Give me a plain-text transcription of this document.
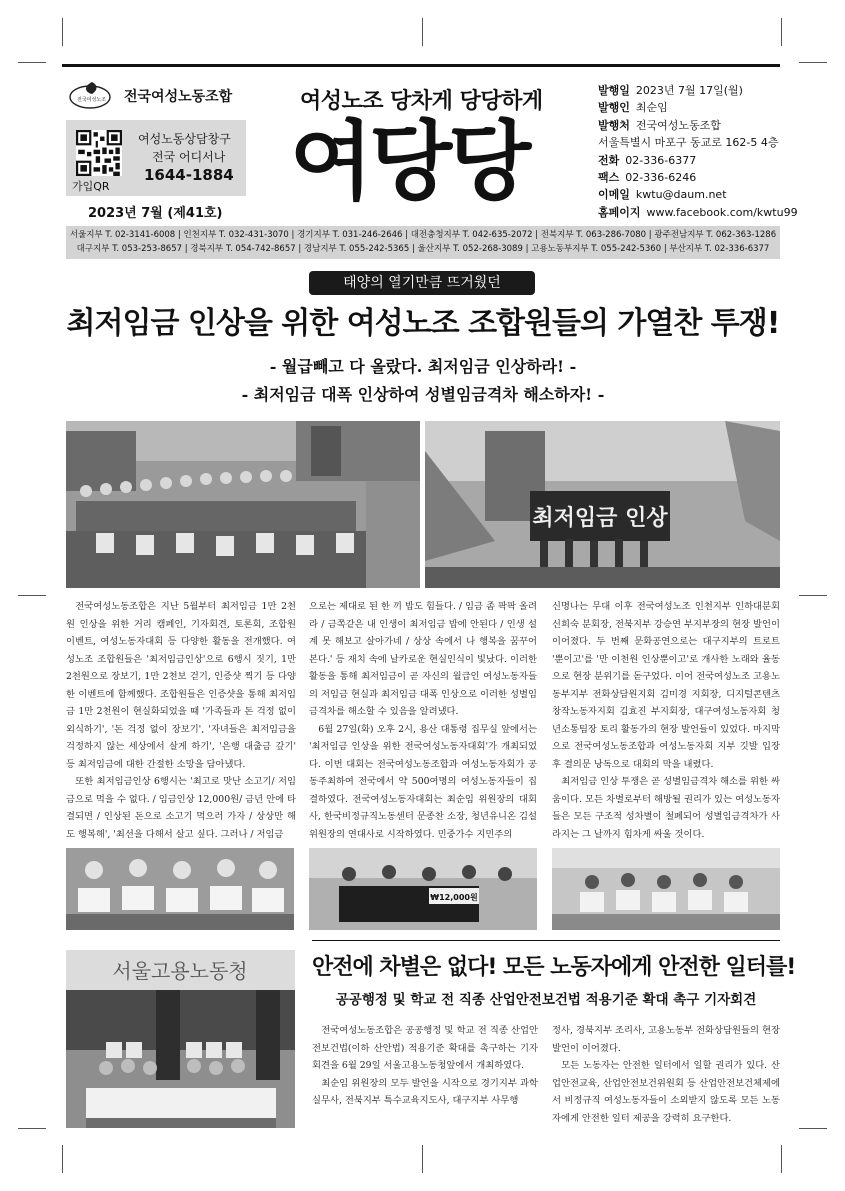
전국여성노조 전국여성노동조합
가입QR
여성노동상담창구
전국 어디서나
1644-1884
2023년 7월 (제41호)
여성노조 당차게 당당하게
여당당
발행일 2023년 7월 17일(월)
발행인 최순임
발행처 전국여성노동조합
서울특별시 마포구 동교로 162-5 4층
전화 02-336-6377
팩스 02-336-6246
이메일 kwtu@daum.net
홈페이지 www.facebook.com/kwtu99
서울지부 T. 02-3141-6008 | 인천지부 T. 032-431-3070 | 경기지부 T. 031-246-2646 | 대전충청지부 T. 042-635-2072 | 전북지부 T. 063-286-7080 | 광주전남지부 T. 062-363-1286
대구지부 T. 053-253-8657 | 경북지부 T. 054-742-8657 | 경남지부 T. 055-242-5365 | 울산지부 T. 052-268-3089 | 고용노동부지부 T. 055-242-5360 | 부산지부 T. 02-336-6377
태양의 열기만큼 뜨거웠던
최저임금 인상을 위한 여성노조 조합원들의 가열찬 투쟁!
- 월급빼고 다 올랐다. 최저임금 인상하라! -
- 최저임금 대폭 인상하여 성별임금격차 해소하자! -
최저임금 인상

전국여성노동조합은 지난 5월부터 최저임금 1만 2천원 인상을 위한 거리 캠페인, 기자회견, 토론회, 조합원 이벤트, 여성노동자대회 등 다양한 활동을 전개했다. 여성노조 조합원들은 '최저임금인상'으로 6행시 짓기, 1만 2천원으로 장보기, 1만 2천보 걷기, 인증샷 찍기 등 다양한 이벤트에 함께했다. 조합원들은 인증샷을 통해 최저임금 1만 2천원이 현실화되었을 때 '가족들과 돈 걱정 없이 외식하기', '돈 걱정 없이 장보기', '자녀들은 최저임금을 걱정하지 않는 세상에서 살게 하기', '은행 대출금 갚기' 등 최저임금에 대한 간절한 소망을 담아냈다.

또한 최저임금인상 6행시는 '최고로 맛난 소고기/ 저임금으로 먹을 수 없다. / 임금인상 12,000원/ 금년 안에 타결되면 / 인상된 돈으로 소고기 먹으러 가자 / 상상만 해도 행복해', '최선을 다해서 살고 싶다. 그러나 / 저임금

으로는 제대로 된 한 끼 밥도 힘들다. / 임금 좀 팍팍 올려라 / 금쪽같은 내 인생이 최저임금 밥에 안된다 / 인생 설계 못 해보고 살아가네 / 상상 속에서 나 행복을 꿈꾸어 본다.' 등 재치 속에 날카로운 현실인식이 빛났다. 이러한 활동을 통해 최저임금이 곧 자신의 월급인 여성노동자들의 저임금 현실과 최저임금 대폭 인상으로 이러한 성별임금격차를 해소할 수 있음을 알려냈다.

6월 27일(화) 오후 2시, 용산 대통령 집무실 앞에서는 '최저임금 인상을 위한 전국여성노동자대회'가 개최되었다. 이번 대회는 전국여성노동조합과 여성노동자회가 공동주최하여 전국에서 약 500여명의 여성노동자들이 집결하였다. 전국여성노동자대회는 최순임 위원장의 대회사, 한국비정규직노동센터 문종찬 소장, 청년유니온 김설 위원장의 연대사로 시작하였다. 민중가수 지민주의

신명나는 무대 이후 전국여성노조 인천지부 인하대분회 신희숙 분회장, 전북지부 강승연 부지부장의 현장 발언이 이어졌다. 두 번째 문화공연으로는 대구지부의 트로트 '뿐이고'를 '만 이천원 인상뿐이고'로 개사한 노래와 율동으로 현장 분위기를 돋구었다. 이어 전국여성노조 고용노동부지부 전화상담원지회 김미경 지회장, 디지털콘텐츠창작노동자지회 김효진 부지회장, 대구여성노동자회 청년소통팀장 토리 활동가의 현장 발언들이 있었다. 마지막으로 전국여성노동조합과 여성노동자회 지부 깃발 입장 후 결의문 낭독으로 대회의 막을 내렸다.

최저임금 인상 투쟁은 곧 성별임금격차 해소를 위한 싸움이다. 모든 차별로부터 해방될 권리가 있는 여성노동자들은 모든 구조적 성차별이 철폐되어 성별임금격차가 사라지는 그 날까지 힘차게 싸울 것이다.

₩12,000원
서울고용노동청	안전에 차별은 없다! 모든 노동자에게 안전한 일터를!
공공행정 및 학교 전 직종 산업안전보건법 적용기준 확대 촉구 기자회견

전국여성노동조합은 공공행정 및 학교 전 직종 산업안전보건법(이하 산안법) 적용기준 확대를 촉구하는 기자회견을 6월 29일 서울고용노동청앞에서 개최하였다.

최순임 위원장의 모두 발언을 시작으로 경기지부 과학실무사, 전북지부 특수교육지도사, 대구지부 사무행

정사, 경북지부 조리사, 고용노동부 전화상담원들의 현장 발언이 이어졌다.

모든 노동자는 안전한 일터에서 일할 권리가 있다. 산업안전교육, 산업안전보건위원회 등 산업안전보건체제에서 비정규직 여성노동자들이 소외받지 않도록 모든 노동자에게 안전한 일터 제공을 강력히 요구한다.
